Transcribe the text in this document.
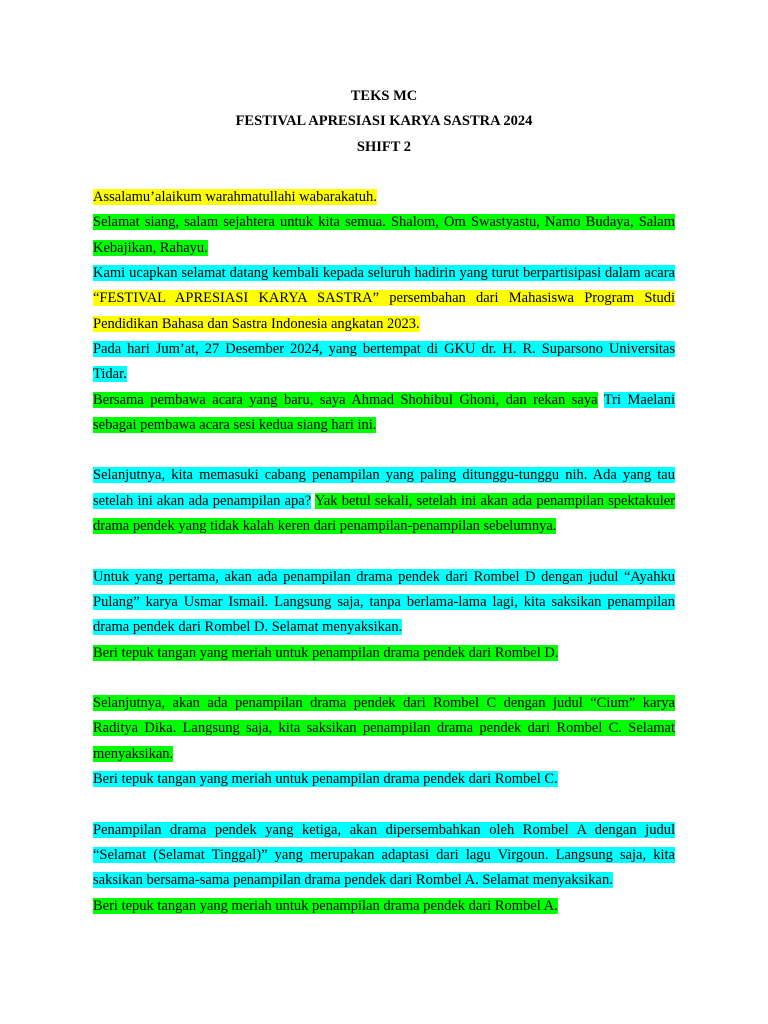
TEKS MC

FESTIVAL APRESIASI KARYA SASTRA 2024

SHIFT 2

Assalamu’alaikum warahmatullahi wabarakatuh.

Selamat siang, salam sejahtera untuk kita semua. Shalom, Om Swastyastu, Namo Budaya, Salam Kebajikan, Rahayu.

Kami ucapkan selamat datang kembali kepada seluruh hadirin yang turut berpartisipasi dalam acara “FESTIVAL APRESIASI KARYA SASTRA” persembahan dari Mahasiswa Program Studi Pendidikan Bahasa dan Sastra Indonesia angkatan 2023.

Pada hari Jum’at, 27 Desember 2024, yang bertempat di GKU dr. H. R. Suparsono Universitas Tidar.

Bersama pembawa acara yang baru, saya Ahmad Shohibul Ghoni, dan rekan saya Tri Maelani sebagai pembawa acara sesi kedua siang hari ini.

Selanjutnya, kita memasuki cabang penampilan yang paling ditunggu-tunggu nih. Ada yang tau setelah ini akan ada penampilan apa? Yak betul sekali, setelah ini akan ada penampilan spektakuler drama pendek yang tidak kalah keren dari penampilan-penampilan sebelumnya.

Untuk yang pertama, akan ada penampilan drama pendek dari Rombel D dengan judul “Ayahku Pulang” karya Usmar Ismail. Langsung saja, tanpa berlama-lama lagi, kita saksikan penampilan drama pendek dari Rombel D. Selamat menyaksikan.

Beri tepuk tangan yang meriah untuk penampilan drama pendek dari Rombel D.

Selanjutnya, akan ada penampilan drama pendek dari Rombel C dengan judul “Cium” karya Raditya Dika. Langsung saja, kita saksikan penampilan drama pendek dari Rombel C. Selamat menyaksikan.

Beri tepuk tangan yang meriah untuk penampilan drama pendek dari Rombel C.

Penampilan drama pendek yang ketiga, akan dipersembahkan oleh Rombel A dengan judul “Selamat (Selamat Tinggal)” yang merupakan adaptasi dari lagu Virgoun. Langsung saja, kita saksikan bersama-sama penampilan drama pendek dari Rombel A. Selamat menyaksikan.

Beri tepuk tangan yang meriah untuk penampilan drama pendek dari Rombel A.
